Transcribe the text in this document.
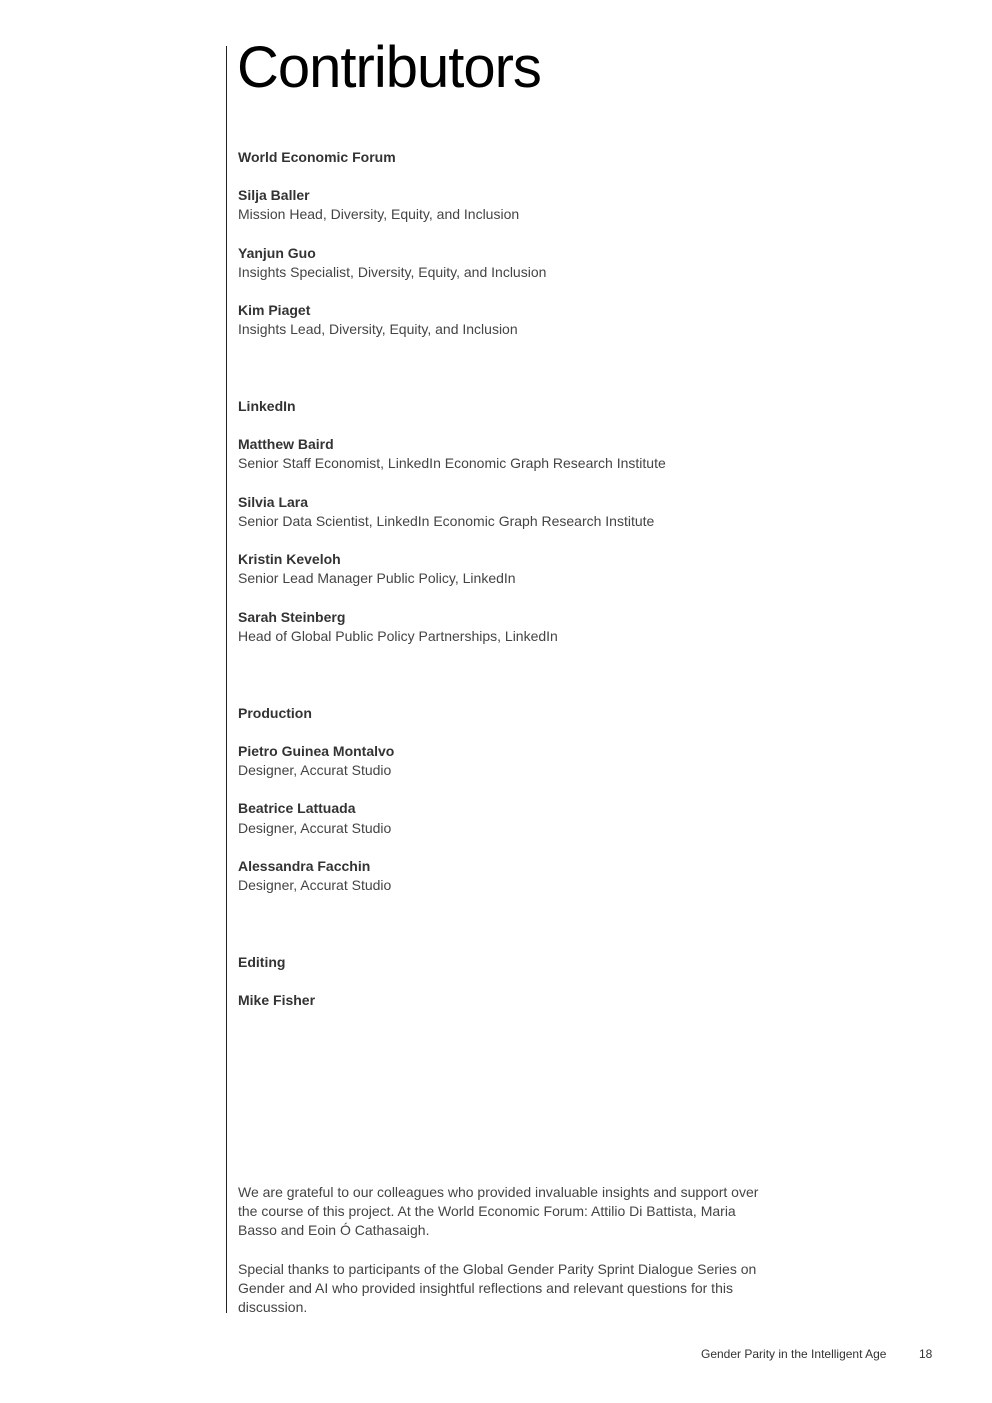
Contributors
World Economic Forum
Silja Baller
Mission Head, Diversity, Equity, and Inclusion
Yanjun Guo
Insights Specialist, Diversity, Equity, and Inclusion
Kim Piaget
Insights Lead, Diversity, Equity, and Inclusion
LinkedIn
Matthew Baird
Senior Staff Economist, LinkedIn Economic Graph Research Institute
Silvia Lara
Senior Data Scientist, LinkedIn Economic Graph Research Institute
Kristin Keveloh
Senior Lead Manager Public Policy, LinkedIn
Sarah Steinberg
Head of Global Public Policy Partnerships, LinkedIn
Production
Pietro Guinea Montalvo
Designer, Accurat Studio
Beatrice Lattuada
Designer, Accurat Studio
Alessandra Facchin
Designer, Accurat Studio
Editing
Mike Fisher

We are grateful to our colleagues who provided invaluable insights and support over the course of this project. At the World Economic Forum: Attilio Di Battista, Maria Basso and Eoin Ó Cathasaigh.

Special thanks to participants of the Global Gender Parity Sprint Dialogue Series on Gender and AI who provided insightful reflections and relevant questions for this discussion.

Gender Parity in the Intelligent Age	18
